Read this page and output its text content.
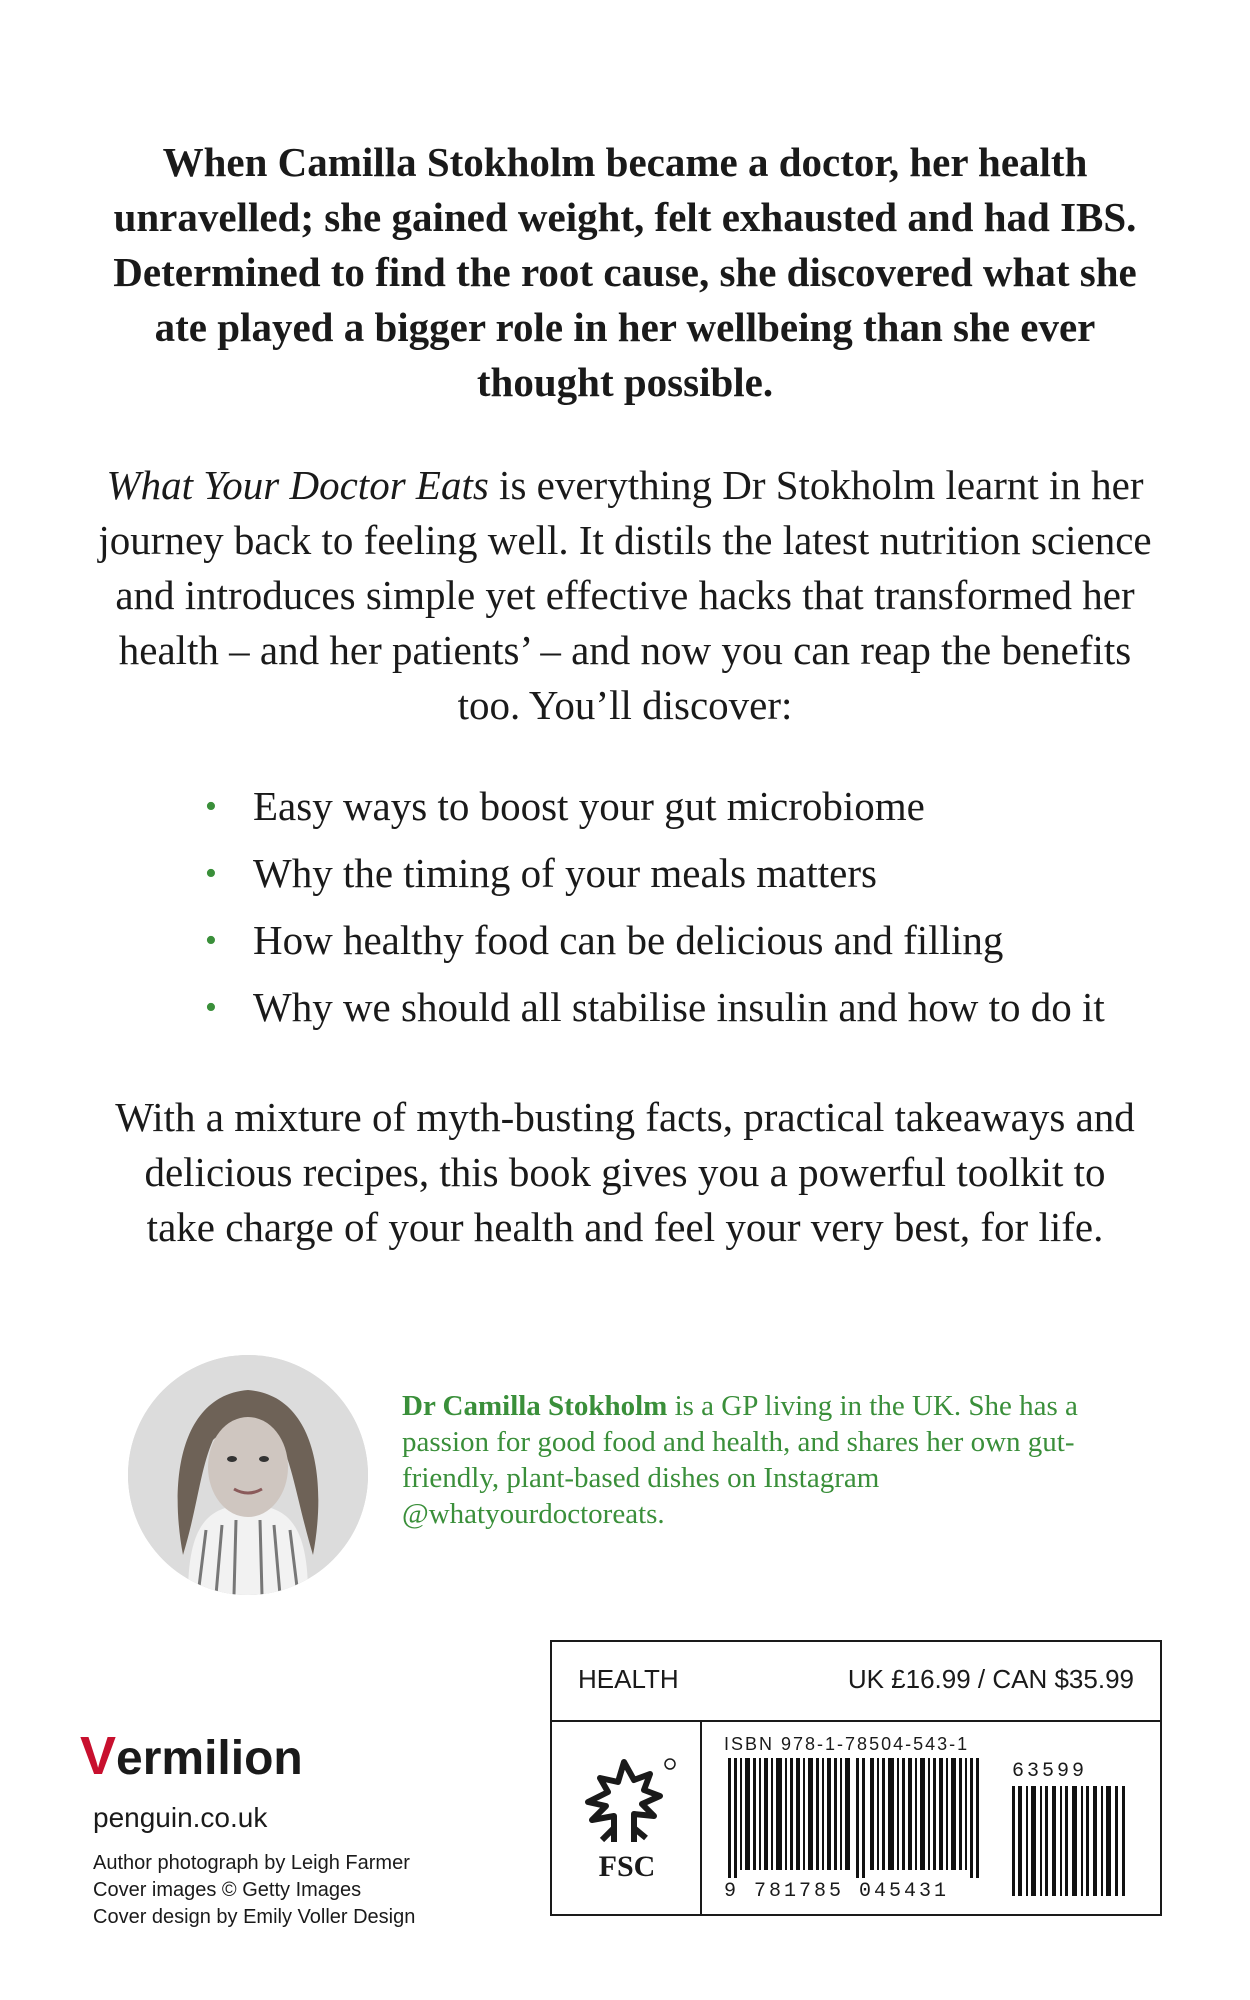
When Camilla Stokholm became a doctor, her health unravelled; she gained weight, felt exhausted and had IBS. Determined to find the root cause, she discovered what she ate played a bigger role in her wellbeing than she ever thought possible.

What Your Doctor Eats is everything Dr Stokholm learnt in her journey back to feeling well. It distils the latest nutrition science and introduces simple yet effective hacks that transformed her health – and her patients’ – and now you can reap the benefits too. You’ll discover:

• Easy ways to boost your gut microbiome
• Why the timing of your meals matters
• How healthy food can be delicious and filling
• Why we should all stabilise insulin and how to do it

With a mixture of myth-busting facts, practical takeaways and delicious recipes, this book gives you a powerful toolkit to take charge of your health and feel your very best, for life.

Dr Camilla Stokholm is a GP living in the UK. She has a passion for good food and health, and shares her own gut-friendly, plant-based dishes on Instagram @whatyourdoctoreats.

Vermilion

penguin.co.uk

Author photograph by Leigh Farmer
Cover images © Getty Images
Cover design by Emily Voller Design
HEALTH	UK £16.99 / CAN $35.99
FSC
ISBN 978-1-78504-543-1
9 781785 045431
63599
